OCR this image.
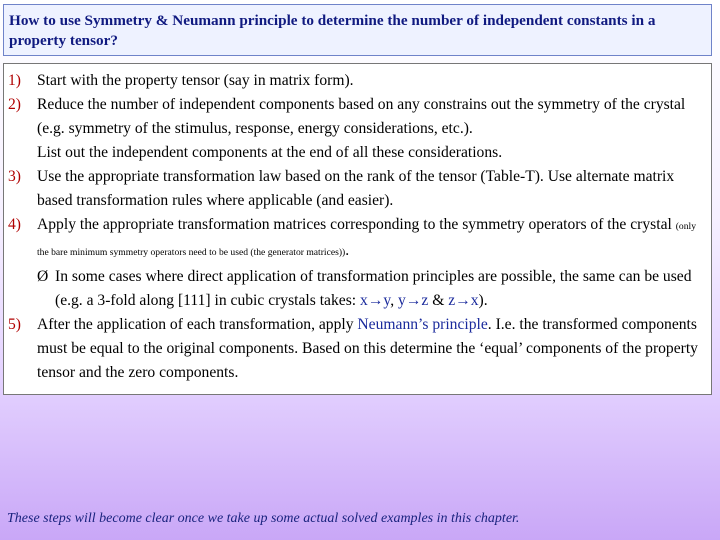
How to use Symmetry & Neumann principle to determine the number of independent constants in a property tensor?
1)	Start with the property tensor (say in matrix form).
2)	Reduce the number of independent components based on any constrains out the symmetry of the crystal (e.g. symmetry of the stimulus, response, energy considerations, etc.).
List out the independent components at the end of all these considerations.
3)	Use the appropriate transformation law based on the rank of the tensor (Table-T). Use alternate matrix based transformation rules where applicable (and easier).
4)	Apply the appropriate transformation matrices corresponding to the symmetry operators of the crystal (only the bare minimum symmetry operators need to be used (the generator matrices)).
Ø In some cases where direct application of transformation principles are possible, the same can be used (e.g. a 3-fold along [111] in cubic crystals takes: x→y, y→z & z→x).
5)	After the application of each transformation, apply Neumann’s principle. I.e. the transformed components must be equal to the original components. Based on this determine the ‘equal’ components of the property tensor and the zero components.
These steps will become clear once we take up some actual solved examples in this chapter.
